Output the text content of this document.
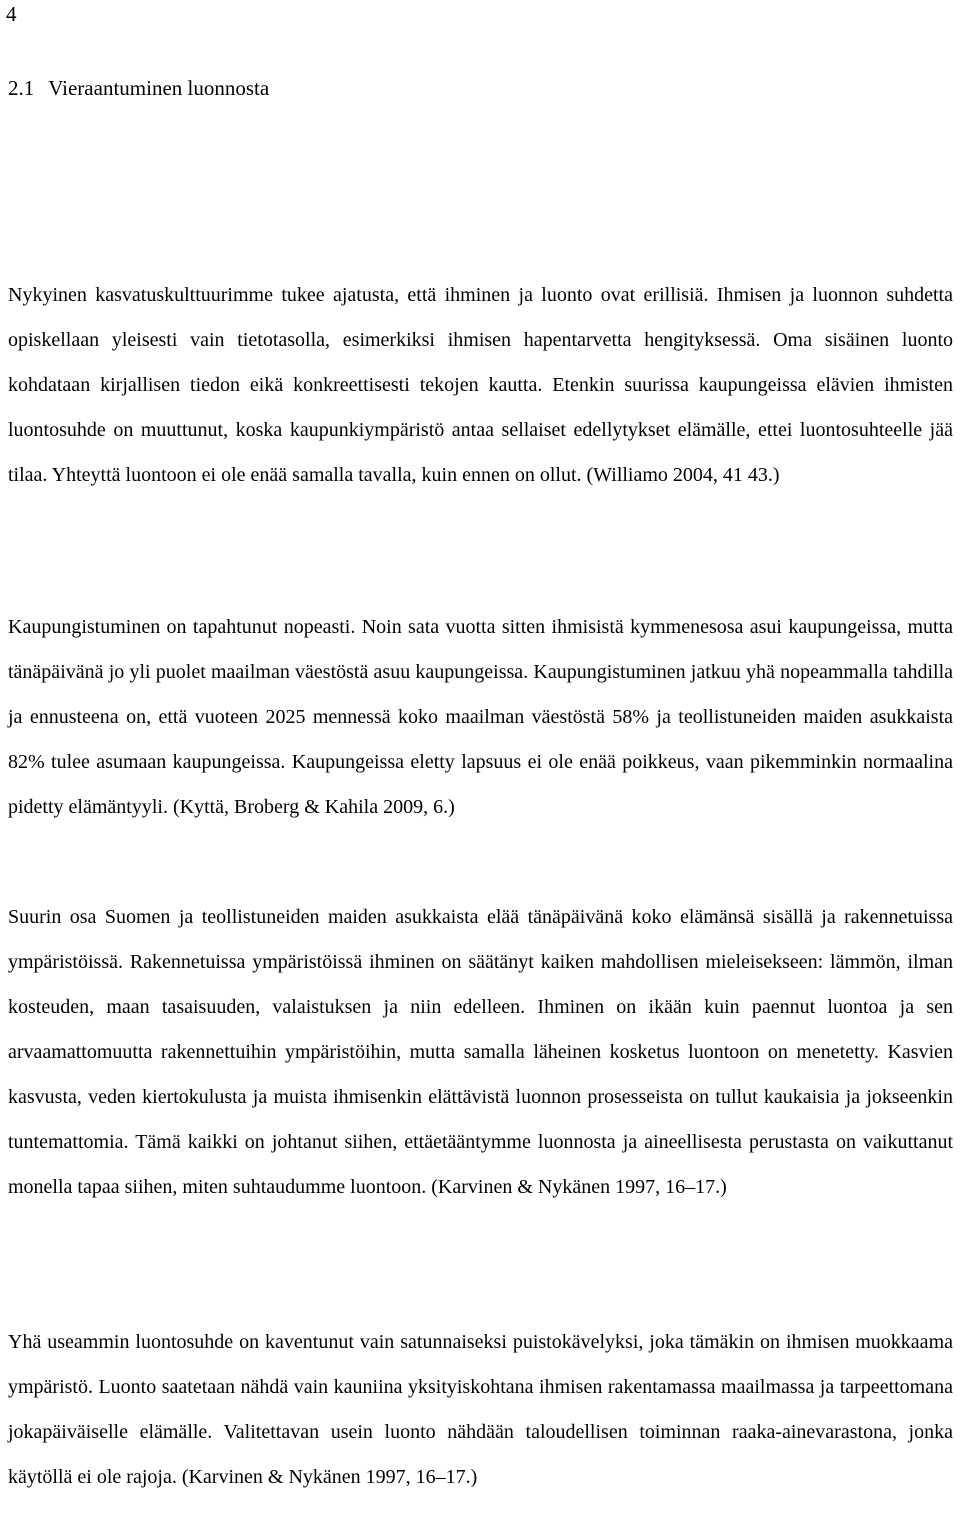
4
2.1 Vieraantuminen luonnosta

Nykyinen kasvatuskulttuurimme tukee ajatusta, että ihminen ja luonto ovat erillisiä. Ihmisen ja luonnon suhdetta opiskellaan yleisesti vain tietotasolla, esimerkiksi ihmisen hapentarvetta hengityksessä. Oma sisäinen luonto kohdataan kirjallisen tiedon eikä konkreettisesti tekojen kautta. Etenkin suurissa kaupungeissa elävien ihmisten luontosuhde on muuttunut, koska kaupunkiympäristö antaa sellaiset edellytykset elämälle, ettei luontosuhteelle jää tilaa. Yhteyttä luontoon ei ole enää samalla tavalla, kuin ennen on ollut. (Williamo 2004, 41 43.)

Kaupungistuminen on tapahtunut nopeasti. Noin sata vuotta sitten ihmisistä kymmenesosa asui kaupungeissa, mutta tänäpäivänä jo yli puolet maailman väestöstä asuu kaupungeissa. Kaupungistuminen jatkuu yhä nopeammalla tahdilla ja ennusteena on, että vuoteen 2025 mennessä koko maailman väestöstä 58% ja teollistuneiden maiden asukkaista 82% tulee asumaan kaupungeissa. Kaupungeissa eletty lapsuus ei ole enää poikkeus, vaan pikemminkin normaalina pidetty elämäntyyli. (Kyttä, Broberg & Kahila 2009, 6.)

Suurin osa Suomen ja teollistuneiden maiden asukkaista elää tänäpäivänä koko elämänsä sisällä ja rakennetuissa ympäristöissä. Rakennetuissa ympäristöissä ihminen on säätänyt kaiken mahdollisen mieleisekseen: lämmön, ilman kosteuden, maan tasaisuuden, valaistuksen ja niin edelleen. Ihminen on ikään kuin paennut luontoa ja sen arvaamattomuutta rakennettuihin ympäristöihin, mutta samalla läheinen kosketus luontoon on menetetty. Kasvien kasvusta, veden kiertokulusta ja muista ihmisenkin elättävistä luonnon prosesseista on tullut kaukaisia ja jokseenkin tuntemattomia. Tämä kaikki on johtanut siihen, ettäetääntymme luonnosta ja aineellisesta perustasta on vaikuttanut monella tapaa siihen, miten suhtaudumme luontoon. (Karvinen & Nykänen 1997, 16–17.)

Yhä useammin luontosuhde on kaventunut vain satunnaiseksi puistokävelyksi, joka tämäkin on ihmisen muokkaama ympäristö. Luonto saatetaan nähdä vain kauniina yksityiskohtana ihmisen rakentamassa maailmassa ja tarpeettomana jokapäiväiselle elämälle. Valitettavan usein luonto nähdään taloudellisen toiminnan raaka-ainevarastona, jonka käytöllä ei ole rajoja. (Karvinen & Nykänen 1997, 16–17.)
